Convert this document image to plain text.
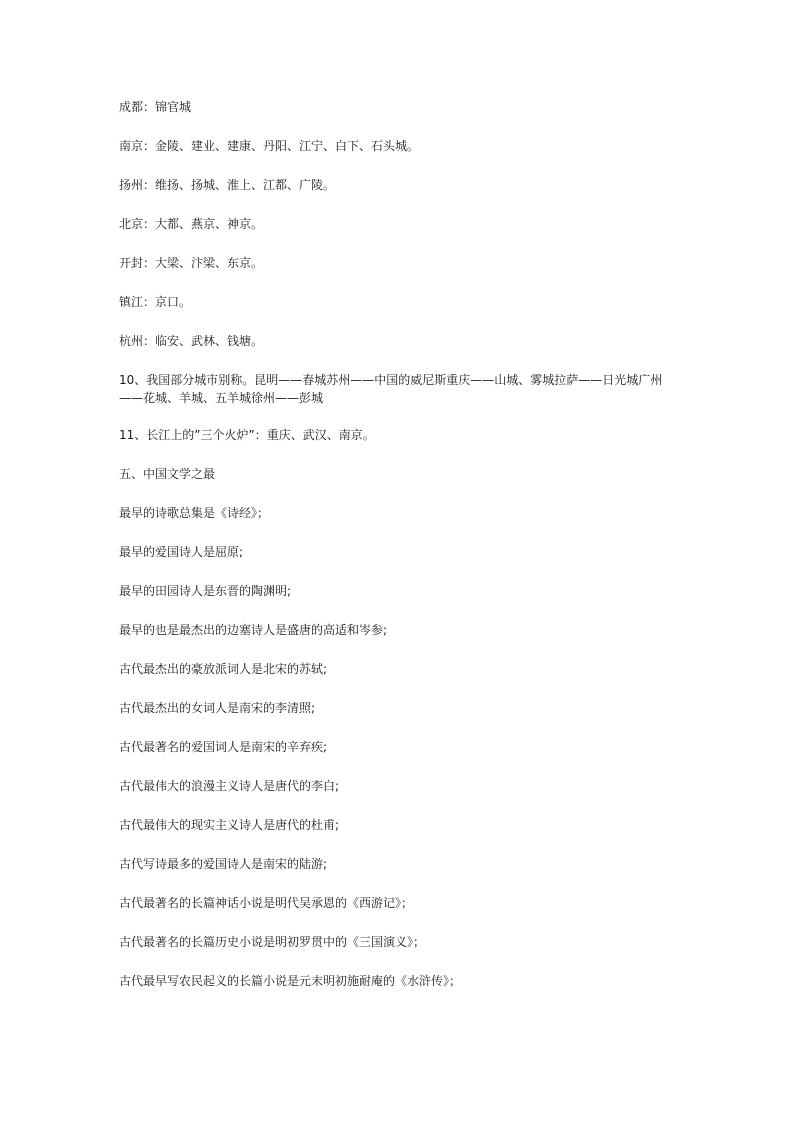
成都：锦官城

南京：金陵、建业、建康、丹阳、江宁、白下、石头城。

扬州：维扬、扬城、淮上、江都、广陵。

北京：大都、燕京、神京。

开封：大梁、汴梁、东京。

镇江：京口。

杭州：临安、武林、钱塘。

10、我国部分城市别称。昆明——春城苏州——中国的威尼斯重庆——山城、雾城拉萨——日光城广州——花城、羊城、五羊城徐州——彭城

11、长江上的”三个火炉”：重庆、武汉、南京。

五、中国文学之最

最早的诗歌总集是《诗经》；

最早的爱国诗人是屈原;

最早的田园诗人是东晋的陶渊明;

最早的也是最杰出的边塞诗人是盛唐的高适和岑参;

古代最杰出的豪放派词人是北宋的苏轼;

古代最杰出的女词人是南宋的李清照;

古代最著名的爱国词人是南宋的辛弃疾;

古代最伟大的浪漫主义诗人是唐代的李白;

古代最伟大的现实主义诗人是唐代的杜甫;

古代写诗最多的爱国诗人是南宋的陆游;

古代最著名的长篇神话小说是明代吴承恩的《西游记》；

古代最著名的长篇历史小说是明初罗贯中的《三国演义》；

古代最早写农民起义的长篇小说是元末明初施耐庵的《水浒传》；
